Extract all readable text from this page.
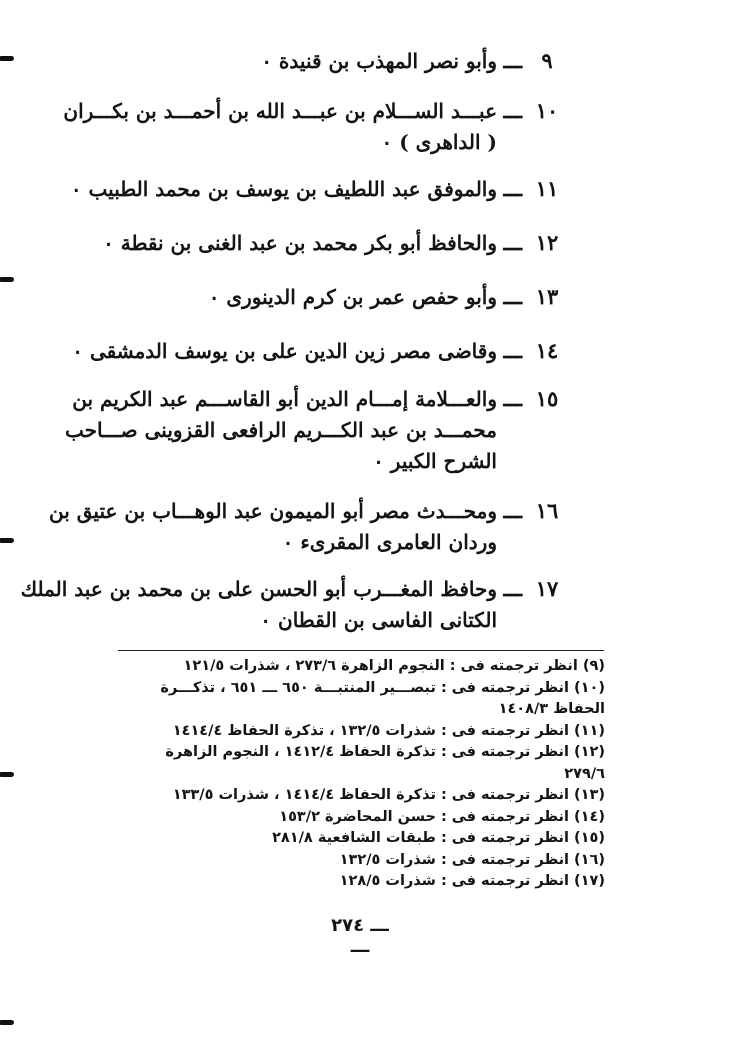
٩
ـــ
وأبو نصر المهذب بن قنيدة ٠
١٠
ـــ
عبـــد الســـلام بن عبـــد الله بن أحمـــد بن بكـــران
( الداهرى ) ٠
١١
ـــ
والموفق عبد اللطيف بن يوسف بن محمد الطبيب ٠
١٢
ـــ
والحافظ أبو بكر محمد بن عبد الغنى بن نقطة ٠
١٣
ـــ
وأبو حفص عمر بن كرم الدينورى ٠
١٤
ـــ
وقاضى مصر زين الدين على بن يوسف الدمشقى ٠
١٥
ـــ
والعـــلامة إمـــام الدين أبو القاســـم عبد الكريم بن
محمـــد بن عبد الكـــريم الرافعى القزوينى صـــاحب
الشرح الكبير ٠
١٦
ـــ
ومحـــدث مصر أبو الميمون عبد الوهـــاب بن عتيق بن
وردان العامرى المقرىء ٠
١٧
ـــ
وحافظ المغـــرب أبو الحسن على بن محمد بن عبد الملك
الكتانى الفاسى بن القطان ٠
(٩) انظر ترجمته فى : النجوم الزاهرة ٢٧٣/٦ ، شذرات ١٢١/٥
(١٠) انظر ترجمته فى : تبصـــير المنتبـــة ٦٥٠ ـــ ٦٥١ ، تذكـــرة
الحفاظ ١٤٠٨/٣
(١١) انظر ترجمته فى : شذرات ١٣٢/٥ ، تذكرة الحفاظ ١٤١٤/٤
(١٢) انظر ترجمته فى : تذكرة الحفاظ ١٤١٢/٤ ، النجوم الزاهرة
٢٧٩/٦
(١٣) انظر ترجمته فى : تذكرة الحفاظ ١٤١٤/٤ ، شذرات ١٣٣/٥
(١٤) انظر ترجمته فى : حسن المحاضرة ١٥٣/٢
(١٥) انظر ترجمته فى : طبقات الشافعية ٢٨١/٨
(١٦) انظر ترجمته فى : شذرات ١٣٢/٥
(١٧) انظر ترجمته فى : شذرات ١٢٨/٥
ـــ ٢٧٤ ـــ
